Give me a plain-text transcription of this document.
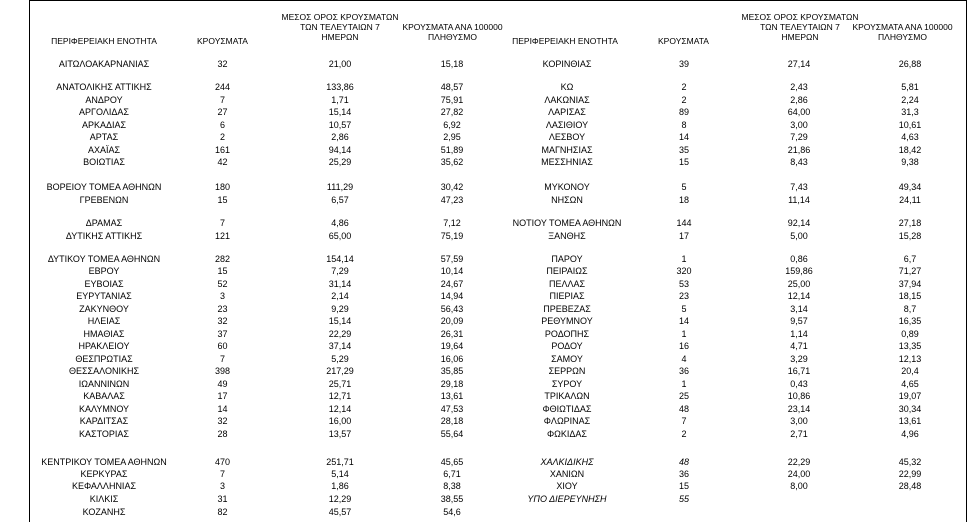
ΠΕΡΙΦΕΡΕΙΑΚΗ ΕΝΟΤΗΤΑ	ΚΡΟΥΣΜΑΤΑ
ΜΕΣΟΣ ΟΡΟΣ ΚΡΟΥΣΜΑΤΩΝ
ΤΩΝ ΤΕΛΕΥΤΑΙΩΝ 7
ΗΜΕΡΩΝ
ΚΡΟΥΣΜΑΤΑ ΑΝΑ 100000
ΠΛΗΘΥΣΜΟ	ΠΕΡΙΦΕΡΕΙΑΚΗ ΕΝΟΤΗΤΑ	ΚΡΟΥΣΜΑΤΑ
ΜΕΣΟΣ ΟΡΟΣ ΚΡΟΥΣΜΑΤΩΝ
ΤΩΝ ΤΕΛΕΥΤΑΙΩΝ 7
ΗΜΕΡΩΝ
ΚΡΟΥΣΜΑΤΑ ΑΝΑ 100000
ΠΛΗΘΥΣΜΟ
ΑΙΤΩΛΟΑΚΑΡΝΑΝΙΑΣ	32	21,00	15,18
ΑΝΑΤΟΛΙΚΗΣ ΑΤΤΙΚΗΣ	244	133,86	48,57
ΑΝΔΡΟΥ	7	1,71	75,91
ΑΡΓΟΛΙΔΑΣ	27	15,14	27,82
ΑΡΚΑΔΙΑΣ	6	10,57	6,92
ΑΡΤΑΣ	2	2,86	2,95
ΑΧΑΪΑΣ	161	94,14	51,89
ΒΟΙΩΤΙΑΣ	42	25,29	35,62
ΒΟΡΕΙΟΥ ΤΟΜΕΑ ΑΘΗΝΩΝ	180	111,29	30,42
ΓΡΕΒΕΝΩΝ	15	6,57	47,23
ΔΡΑΜΑΣ	7	4,86	7,12
ΔΥΤΙΚΗΣ ΑΤΤΙΚΗΣ	121	65,00	75,19
ΔΥΤΙΚΟΥ ΤΟΜΕΑ ΑΘΗΝΩΝ	282	154,14	57,59
ΕΒΡΟΥ	15	7,29	10,14
ΕΥΒΟΙΑΣ	52	31,14	24,67
ΕΥΡΥΤΑΝΙΑΣ	3	2,14	14,94
ΖΑΚΥΝΘΟΥ	23	9,29	56,43
ΗΛΕΙΑΣ	32	15,14	20,09
ΗΜΑΘΙΑΣ	37	22,29	26,31
ΗΡΑΚΛΕΙΟΥ	60	37,14	19,64
ΘΕΣΠΡΩΤΙΑΣ	7	5,29	16,06
ΘΕΣΣΑΛΟΝΙΚΗΣ	398	217,29	35,85
ΙΩΑΝΝΙΝΩΝ	49	25,71	29,18
ΚΑΒΑΛΑΣ	17	12,71	13,61
ΚΑΛΥΜΝΟΥ	14	12,14	47,53
ΚΑΡΔΙΤΣΑΣ	32	16,00	28,18
ΚΑΣΤΟΡΙΑΣ	28	13,57	55,64
ΚΕΝΤΡΙΚΟΥ ΤΟΜΕΑ ΑΘΗΝΩΝ	470	251,71	45,65
ΚΕΡΚΥΡΑΣ	7	5,14	6,71
ΚΕΦΑΛΛΗΝΙΑΣ	3	1,86	8,38
ΚΙΛΚΙΣ	31	12,29	38,55
ΚΟΖΑΝΗΣ	82	45,57	54,6
ΚΟΡΙΝΘΙΑΣ	39	27,14	26,88
ΚΩ	2	2,43	5,81
ΛΑΚΩΝΙΑΣ	2	2,86	2,24
ΛΑΡΙΣΑΣ	89	64,00	31,3
ΛΑΣΙΘΙΟΥ	8	3,00	10,61
ΛΕΣΒΟΥ	14	7,29	4,63
ΜΑΓΝΗΣΙΑΣ	35	21,86	18,42
ΜΕΣΣΗΝΙΑΣ	15	8,43	9,38
ΜΥΚΟΝΟΥ	5	7,43	49,34
ΝΗΣΩΝ	18	11,14	24,11
ΝΟΤΙΟΥ ΤΟΜΕΑ ΑΘΗΝΩΝ	144	92,14	27,18
ΞΑΝΘΗΣ	17	5,00	15,28
ΠΑΡΟΥ	1	0,86	6,7
ΠΕΙΡΑΙΩΣ	320	159,86	71,27
ΠΕΛΛΑΣ	53	25,00	37,94
ΠΙΕΡΙΑΣ	23	12,14	18,15
ΠΡΕΒΕΖΑΣ	5	3,14	8,7
ΡΕΘΥΜΝΟΥ	14	9,57	16,35
ΡΟΔΟΠΗΣ	1	1,14	0,89
ΡΟΔΟΥ	16	4,71	13,35
ΣΑΜΟΥ	4	3,29	12,13
ΣΕΡΡΩΝ	36	16,71	20,4
ΣΥΡΟΥ	1	0,43	4,65
ΤΡΙΚΑΛΩΝ	25	10,86	19,07
ΦΘΙΩΤΙΔΑΣ	48	23,14	30,34
ΦΛΩΡΙΝΑΣ	7	3,00	13,61
ΦΩΚΙΔΑΣ	2	2,71	4,96
ΧΑΛΚΙΔΙΚΗΣ	48	22,29	45,32
ΧΑΝΙΩΝ	36	24,00	22,99
ΧΙΟΥ	15	8,00	28,48
ΥΠΟ ΔΙΕΡΕΥΝΗΣΗ	55
